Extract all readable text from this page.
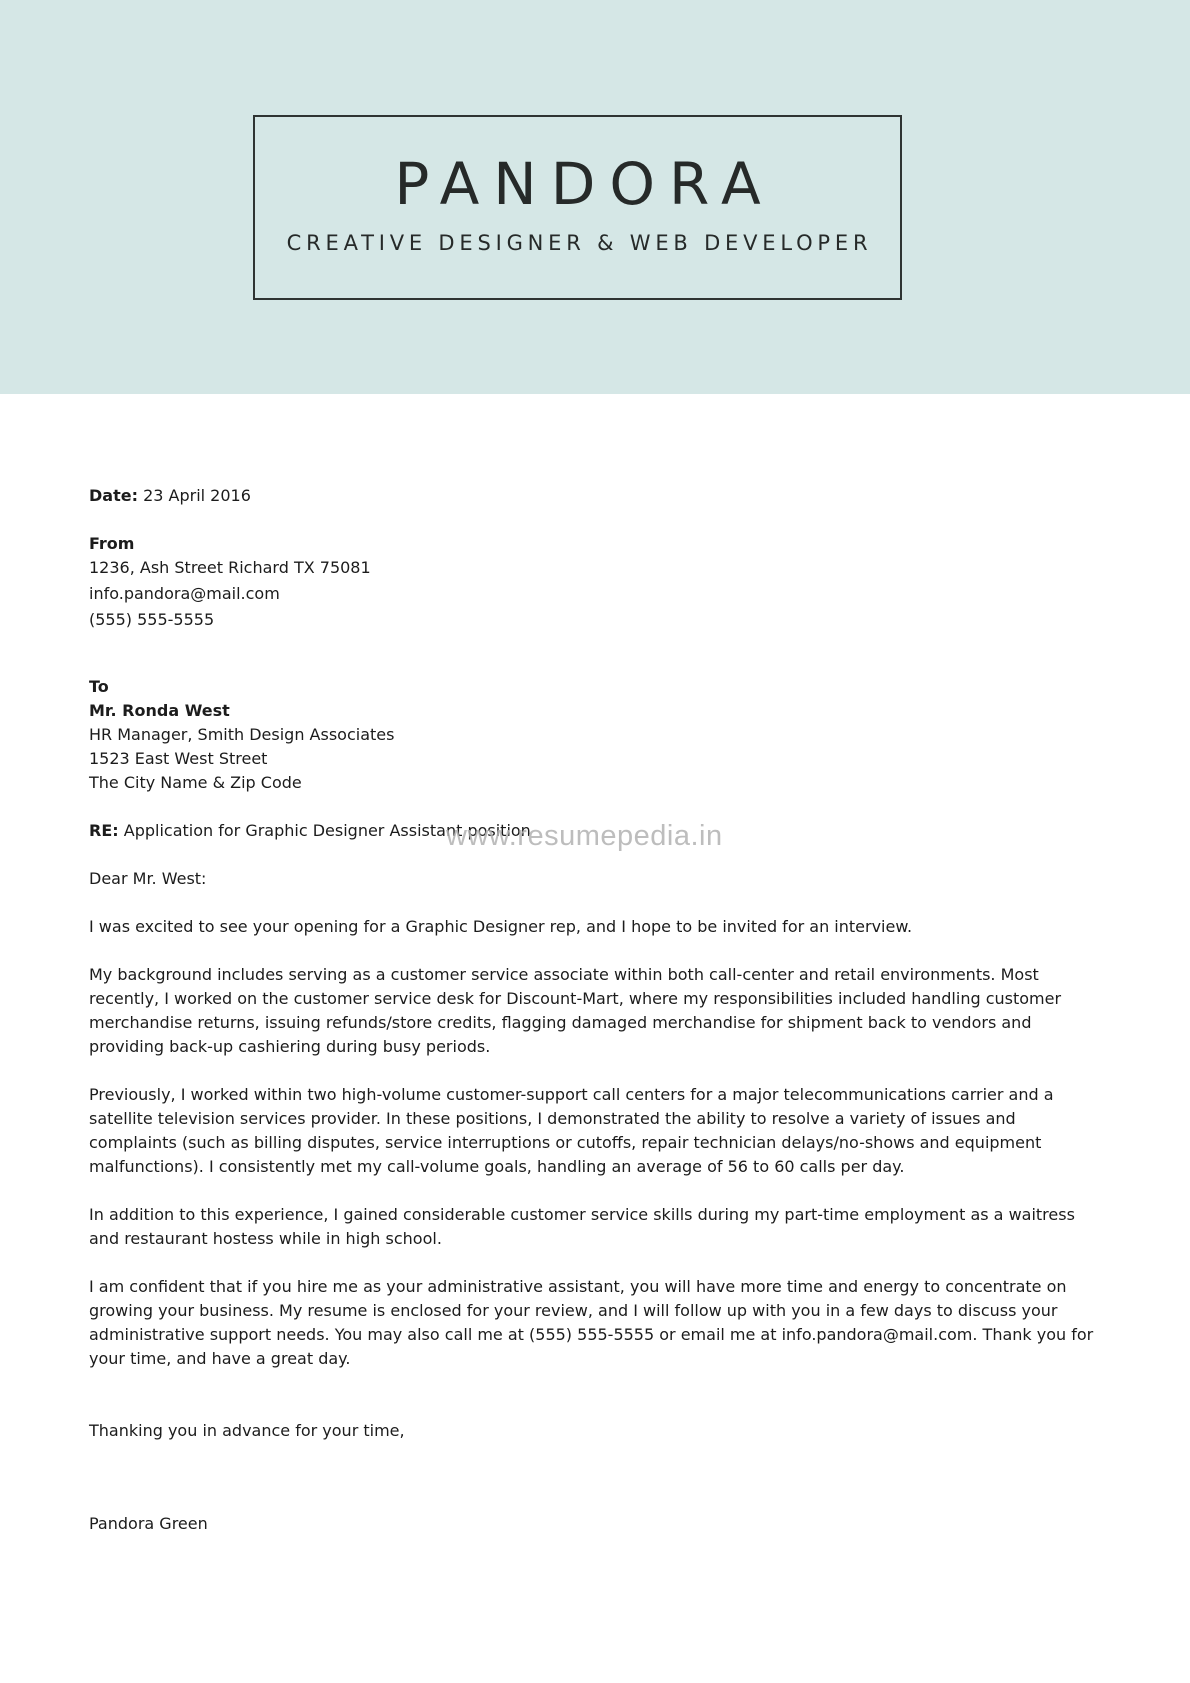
PANDORA
CREATIVE DESIGNER & WEB DEVELOPER
Date: 23 April 2016
From
1236, Ash Street Richard TX 75081
info.pandora@mail.com
(555) 555-5555
To
Mr. Ronda West
HR Manager, Smith Design Associates
1523 East West Street
The City Name & Zip Code
RE: Application for Graphic Designer Assistant position
Dear Mr. West:
I was excited to see your opening for a Graphic Designer rep, and I hope to be invited for an interview.
My background includes serving as a customer service associate within both call-center and retail environments. Most recently, I worked on the customer service desk for Discount-Mart, where my responsibilities included handling customer merchandise returns, issuing refunds/store credits, flagging damaged merchandise for shipment back to vendors and providing back-up cashiering during busy periods.
Previously, I worked within two high-volume customer-support call centers for a major telecommunications carrier and a satellite television services provider. In these positions, I demonstrated the ability to resolve a variety of issues and complaints (such as billing disputes, service interruptions or cutoffs, repair technician delays/no-shows and equipment malfunctions). I consistently met my call-volume goals, handling an average of 56 to 60 calls per day.
In addition to this experience, I gained considerable customer service skills during my part-time employment as a waitress and restaurant hostess while in high school.
I am confident that if you hire me as your administrative assistant, you will have more time and energy to concentrate on growing your business. My resume is enclosed for your review, and I will follow up with you in a few days to discuss your administrative support needs. You may also call me at (555) 555-5555 or email me at info.pandora@mail.com. Thank you for your time, and have a great day.
Thanking you in advance for your time,
Pandora Green
www.resumepedia.in
